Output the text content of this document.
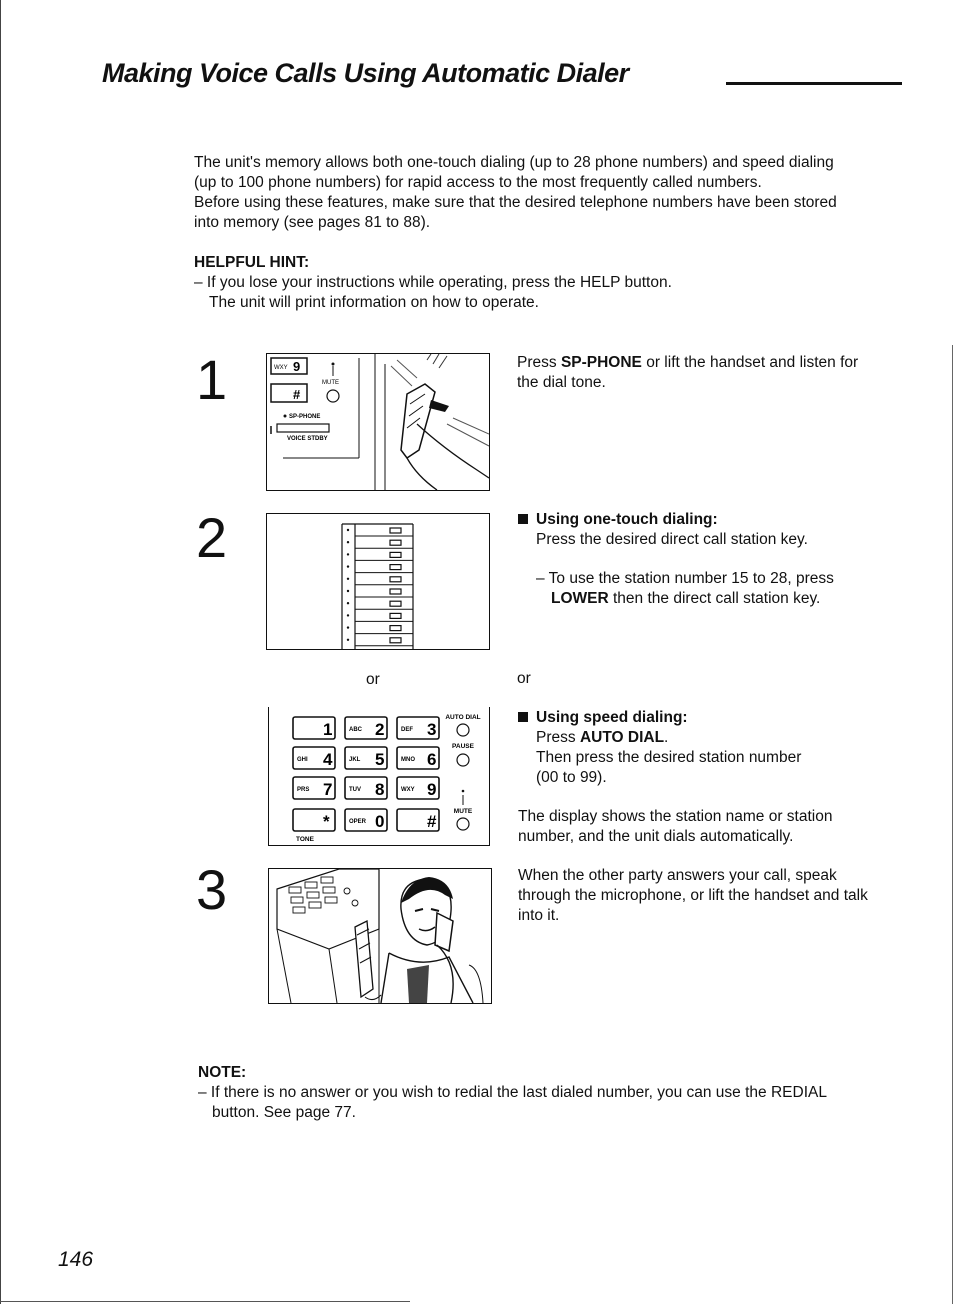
Making Voice Calls Using Automatic Dialer

The unit's memory allows both one-touch dialing (up to 28 phone numbers) and speed dialing

(up to 100 phone numbers) for rapid access to the most frequently called numbers.

Before using these features, make sure that the desired telephone numbers have been stored

into memory (see pages 81 to 88).

HELPFUL HINT:

– If you lose your instructions while operating, press the HELP button.

The unit will print information on how to operate.

1	WXY 9
#
MUTE
SP-PHONE
VOICE STDBY

Press SP-PHONE or lift the handset and listen for

the dial tone.

2	Using one-touch dialing:

Press the desired direct call station key.

– To use the station number 15 to 28, press

LOWER then the direct call station key.

or	or
1	ABC 2	DEF 3
GHI 4	JKL 5	MNO 6
PRS 7	TUV 8	WXY 9
*	OPER 0	#
AUTO DIAL
PAUSE
MUTE
TONE

Using speed dialing:

Press AUTO DIAL.

Then press the desired station number

(00 to 99).

The display shows the station name or station

number, and the unit dials automatically.

3	When the other party answers your call, speak

through the microphone, or lift the handset and talk

into it.

NOTE:

– If there is no answer or you wish to redial the last dialed number, you can use the REDIAL

button. See page 77.

146
